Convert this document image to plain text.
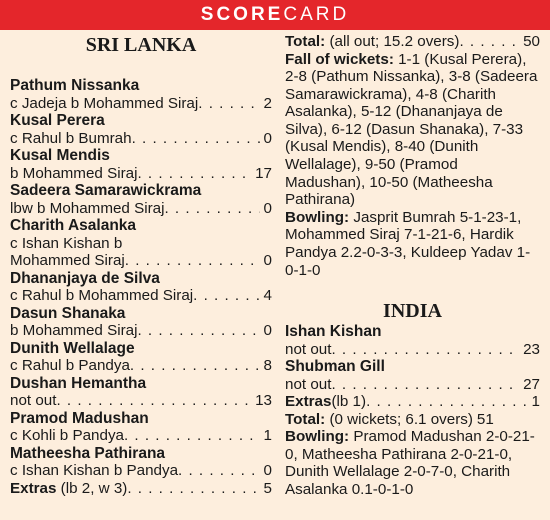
SCORECARD
SRI LANKA
Pathum Nissanka
c Jadeja b Mohammed Siraj . . .	2
Kusal Perera
c Rahul b Bumrah . . .	0
Kusal Mendis
b Mohammed Siraj . . .	17
Sadeera Samarawickrama
lbw b Mohammed Siraj . . .	0
Charith Asalanka
c Ishan Kishan b
Mohammed Siraj . . .	0
Dhananjaya de Silva
c Rahul b Mohammed Siraj . . .	4
Dasun Shanaka
b Mohammed Siraj . . .	0
Dunith Wellalage
c Rahul b Pandya . . .	8
Dushan Hemantha
not out . . .	13
Pramod Madushan
c Kohli b Pandya . . .	1
Matheesha Pathirana
c Ishan Kishan b Pandya . . .	0
Extras (lb 2, w 3) . . .	5
Total: (all out; 15.2 overs) . . .	50
Fall of wickets: 1-1 (Kusal Perera), 2-8 (Pathum Nissanka), 3-8 (Sadeera Samarawickrama), 4-8 (Charith Asalanka), 5-12 (Dhananjaya de Silva), 6-12 (Dasun Shanaka), 7-33 (Kusal Mendis), 8-40 (Dunith Wellalage), 9-50 (Pramod Madushan), 10-50 (Matheesha Pathirana)
Bowling: Jasprit Bumrah 5-1-23-1, Mohammed Siraj 7-1-21-6, Hardik Pandya 2.2-0-3-3, Kuldeep Yadav 1-0-1-0
INDIA
Ishan Kishan
not out . . .	23
Shubman Gill
not out . . .	27
Extras(lb 1) . . .	1
Total: (0 wickets; 6.1 overs) 51
Bowling: Pramod Madushan 2-0-21-0, Matheesha Pathirana 2-0-21-0, Dunith Wellalage 2-0-7-0, Charith Asalanka 0.1-0-1-0
